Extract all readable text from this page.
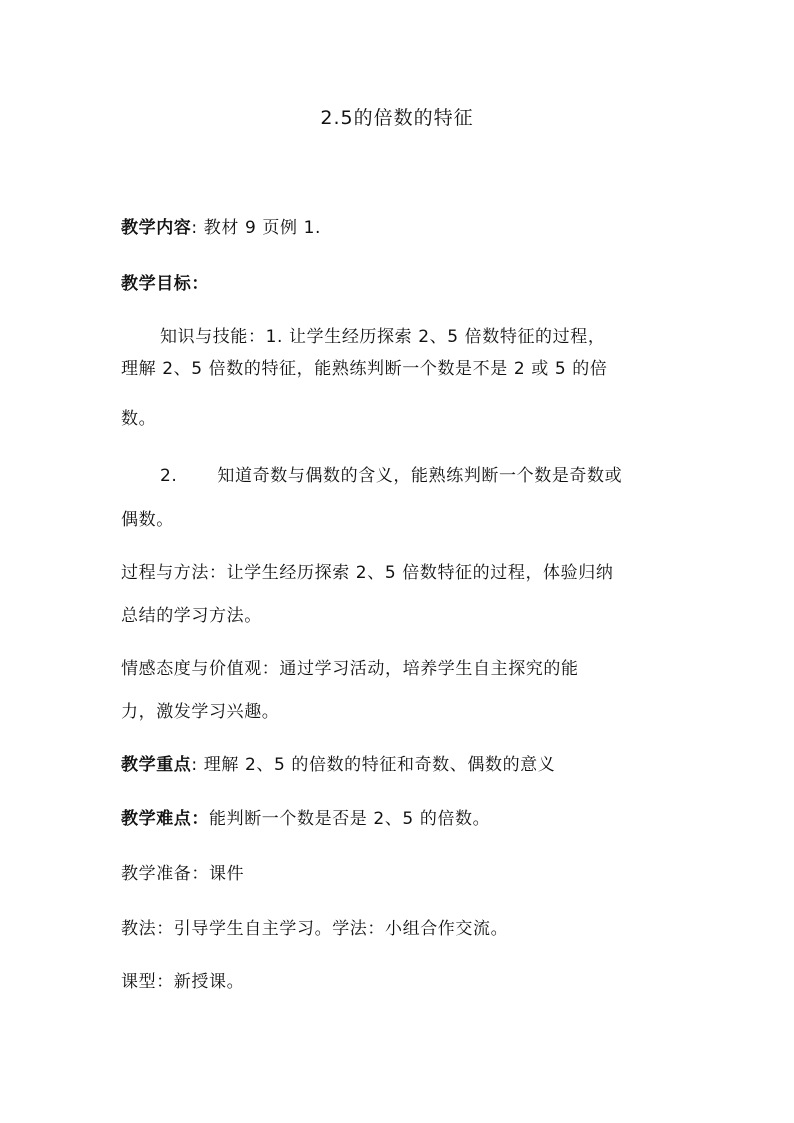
2.5的倍数的特征
教学内容: 教材 9 页例 1.
教学目标：
知识与技能：1. 让学生经历探索 2、5 倍数特征的过程，
理解 2、5 倍数的特征，能熟练判断一个数是不是 2 或 5 的倍
数。
2. 知道奇数与偶数的含义，能熟练判断一个数是奇数或
偶数。
过程与方法：让学生经历探索 2、5 倍数特征的过程，体验归纳
总结的学习方法。
情感态度与价值观：通过学习活动，培养学生自主探究的能
力，激发学习兴趣。
教学重点: 理解 2、5 的倍数的特征和奇数、偶数的意义
教学难点：能判断一个数是否是 2、5 的倍数。
教学准备：课件
教法：引导学生自主学习。学法：小组合作交流。
课型：新授课。
